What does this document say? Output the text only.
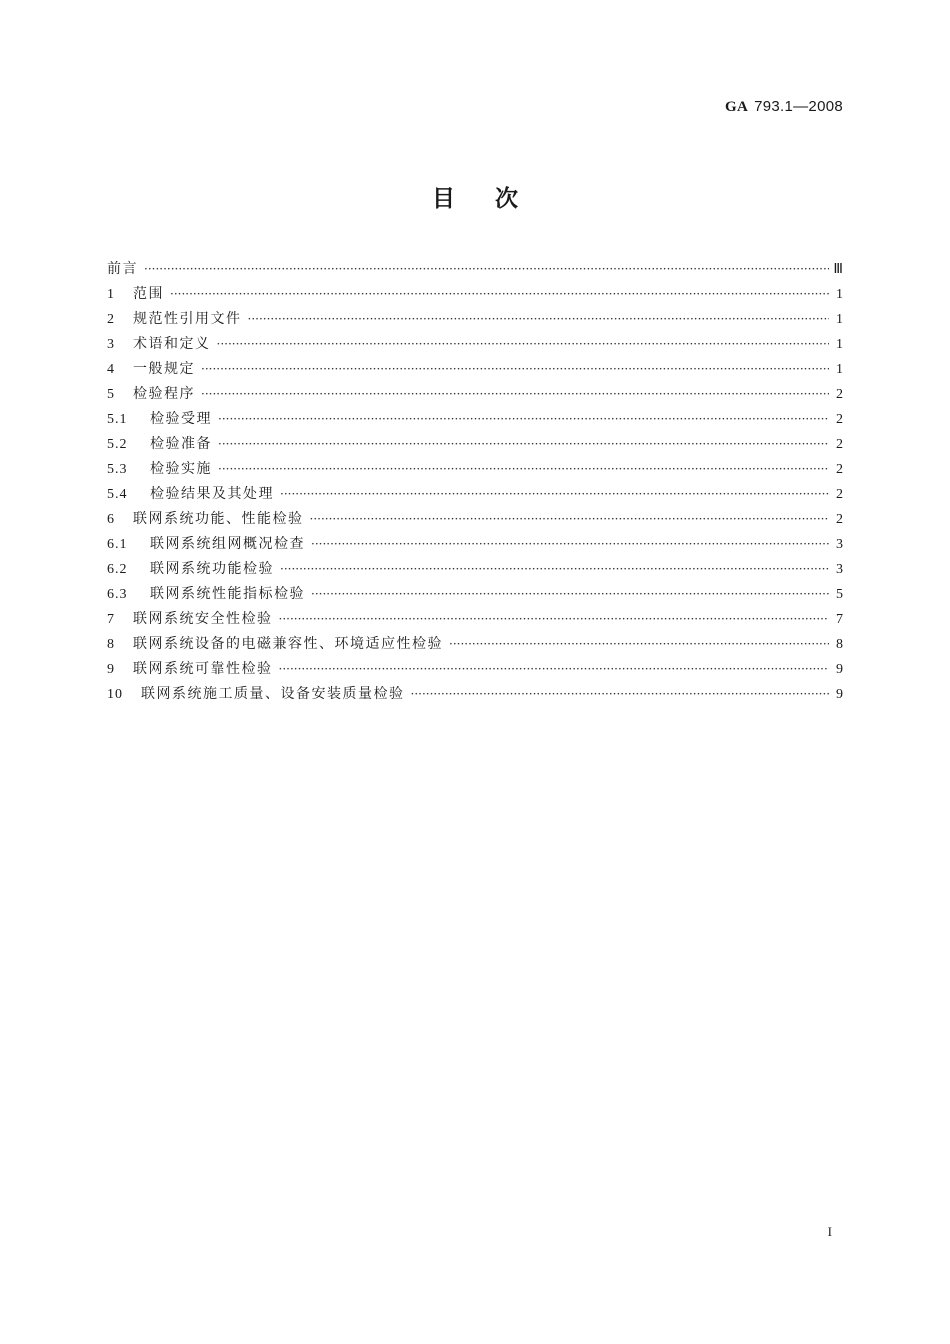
GA 793.1—2008
目次
前言 ·····	Ⅲ
1	范围 ·····	1
2	规范性引用文件 ·····	1
3	术语和定义 ·····	1
4	一般规定 ·····	1
5	检验程序 ·····	2
5.1	检验受理 ·····	2
5.2	检验准备 ·····	2
5.3	检验实施 ·····	2
5.4	检验结果及其处理 ·····	2
6	联网系统功能、性能检验 ·····	2
6.1	联网系统组网概况检查 ·····	3
6.2	联网系统功能检验 ·····	3
6.3	联网系统性能指标检验 ·····	5
7	联网系统安全性检验 ·····	7
8	联网系统设备的电磁兼容性、环境适应性检验 ·····	8
9	联网系统可靠性检验 ·····	9
10	联网系统施工质量、设备安装质量检验 ·····	9
I
